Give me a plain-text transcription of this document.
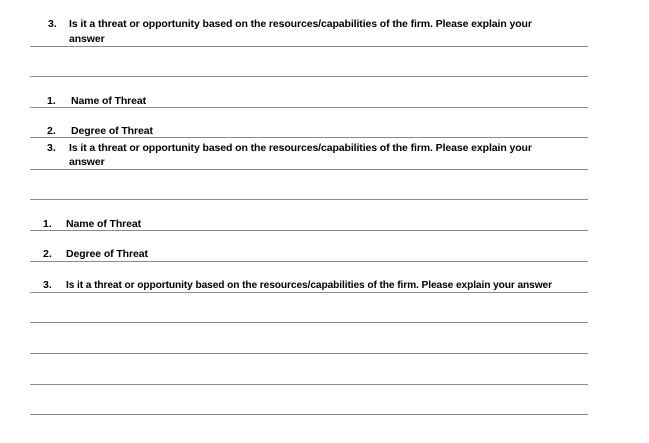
3. Is it a threat or opportunity based on the resources/capabilities of the firm. Please explain your
answer
1. Name of Threat
2. Degree of Threat
3. Is it a threat or opportunity based on the resources/capabilities of the firm. Please explain your
answer
1. Name of Threat
2. Degree of Threat
3. Is it a threat or opportunity based on the resources/capabilities of the firm. Please explain your answer
